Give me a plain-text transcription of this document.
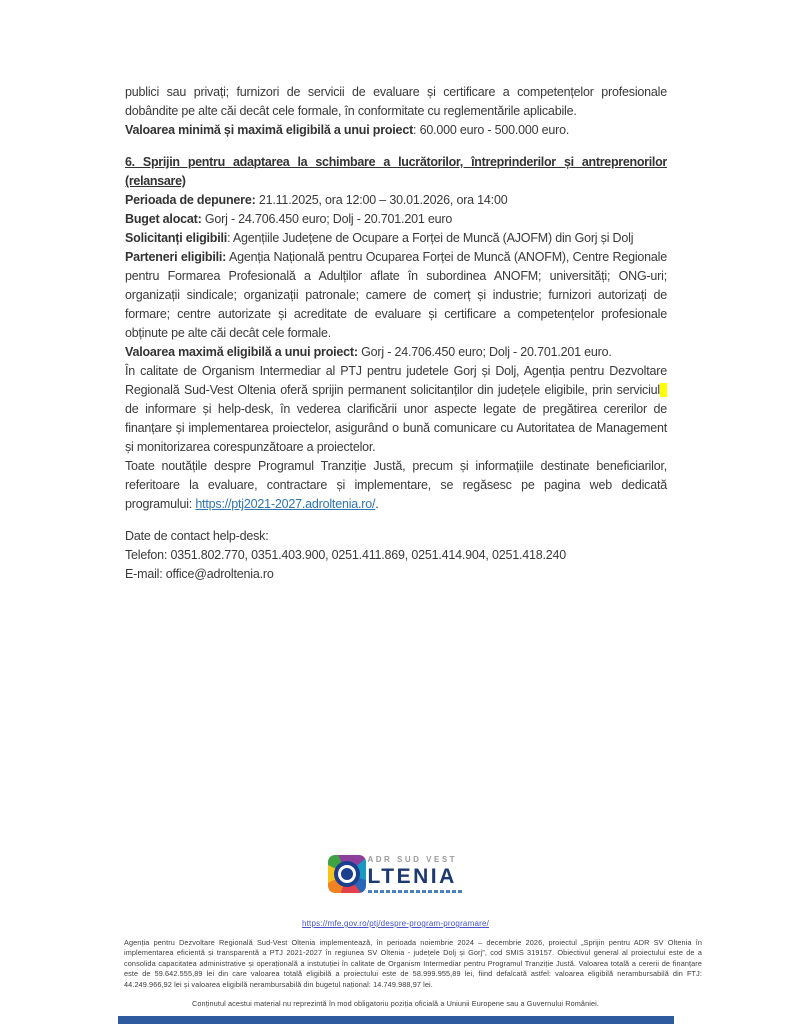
publici sau privați; furnizori de servicii de evaluare și certificare a competențelor profesionale dobândite pe alte căi decât cele formale, în conformitate cu reglementările aplicabile.

Valoarea minimă și maximă eligibilă a unui proiect: 60.000 euro - 500.000 euro.
6. Sprijin pentru adaptarea la schimbare a lucrătorilor, întreprinderilor și antreprenorilor (relansare)
Perioada de depunere: 21.11.2025, ora 12:00 – 30.01.2026, ora 14:00
Buget alocat: Gorj - 24.706.450 euro; Dolj - 20.701.201 euro
Solicitanți eligibili: Agențiile Județene de Ocupare a Forței de Muncă (AJOFM) din Gorj și Dolj

Parteneri eligibili: Agenția Națională pentru Ocuparea Forței de Muncă (ANOFM), Centre Regionale pentru Formarea Profesională a Adulților aflate în subordinea ANOFM; universități; ONG-uri; organizații sindicale; organizații patronale; camere de comerț și industrie; furnizori autorizați de formare; centre autorizate și acreditate de evaluare și certificare a competențelor profesionale obținute pe alte căi decât cele formale.

Valoarea maximă eligibilă a unui proiect: Gorj - 24.706.450 euro; Dolj - 20.701.201 euro.

În calitate de Organism Intermediar al PTJ pentru judetele Gorj și Dolj, Agenția pentru Dezvoltare Regională Sud-Vest Oltenia oferă sprijin permanent solicitanților din județele eligibile, prin serviciul de informare și help-desk, în vederea clarificării unor aspecte legate de pregătirea cererilor de finanțare și implementarea proiectelor, asigurând o bună comunicare cu Autoritatea de Management și monitorizarea corespunzătoare a proiectelor.

Toate noutățile despre Programul Tranziție Justă, precum și informațiile destinate beneficiarilor, referitoare la evaluare, contractare și implementare, se regăsesc pe pagina web dedicată programului: https://ptj2021-2027.adroltenia.ro/.

Date de contact help-desk:
Telefon: 0351.802.770, 0351.403.900, 0251.411.869, 0251.414.904, 0251.418.240
E-mail: office@adroltenia.ro
ADR SUD VEST
LTENIA
https://mfe.gov.ro/ptj/despre-program-programare/
Agenția pentru Dezvoltare Regională Sud-Vest Oltenia implementează, în perioada noiembrie 2024 – decembrie 2026, proiectul „Sprijin pentru ADR SV Oltenia în implementarea eficientă și transparentă a PTJ 2021-2027 în regiunea SV Oltenia - județele Dolj și Gorj”, cod SMIS 319157. Obiectivul general al proiectului este de a consolida capacitatea administrative și operațională a instutuției în calitate de Organism Intermediar pentru Programul Tranziție Justă. Valoarea totală a cererii de finanțare este de 59.642.555,89 lei din care valoarea totală eligibilă a proiectului este de 58.999.955,89 lei, fiind defalcată astfel: valoarea eligibilă nerambursabilă din FTJ: 44.249.966,92 lei și valoarea eligibilă nerambursabilă din bugetul național: 14.749.988,97 lei.
Conținutul acestui material nu reprezintă în mod obligatoriu poziția oficială a Uniunii Europene sau a Guvernului României.
